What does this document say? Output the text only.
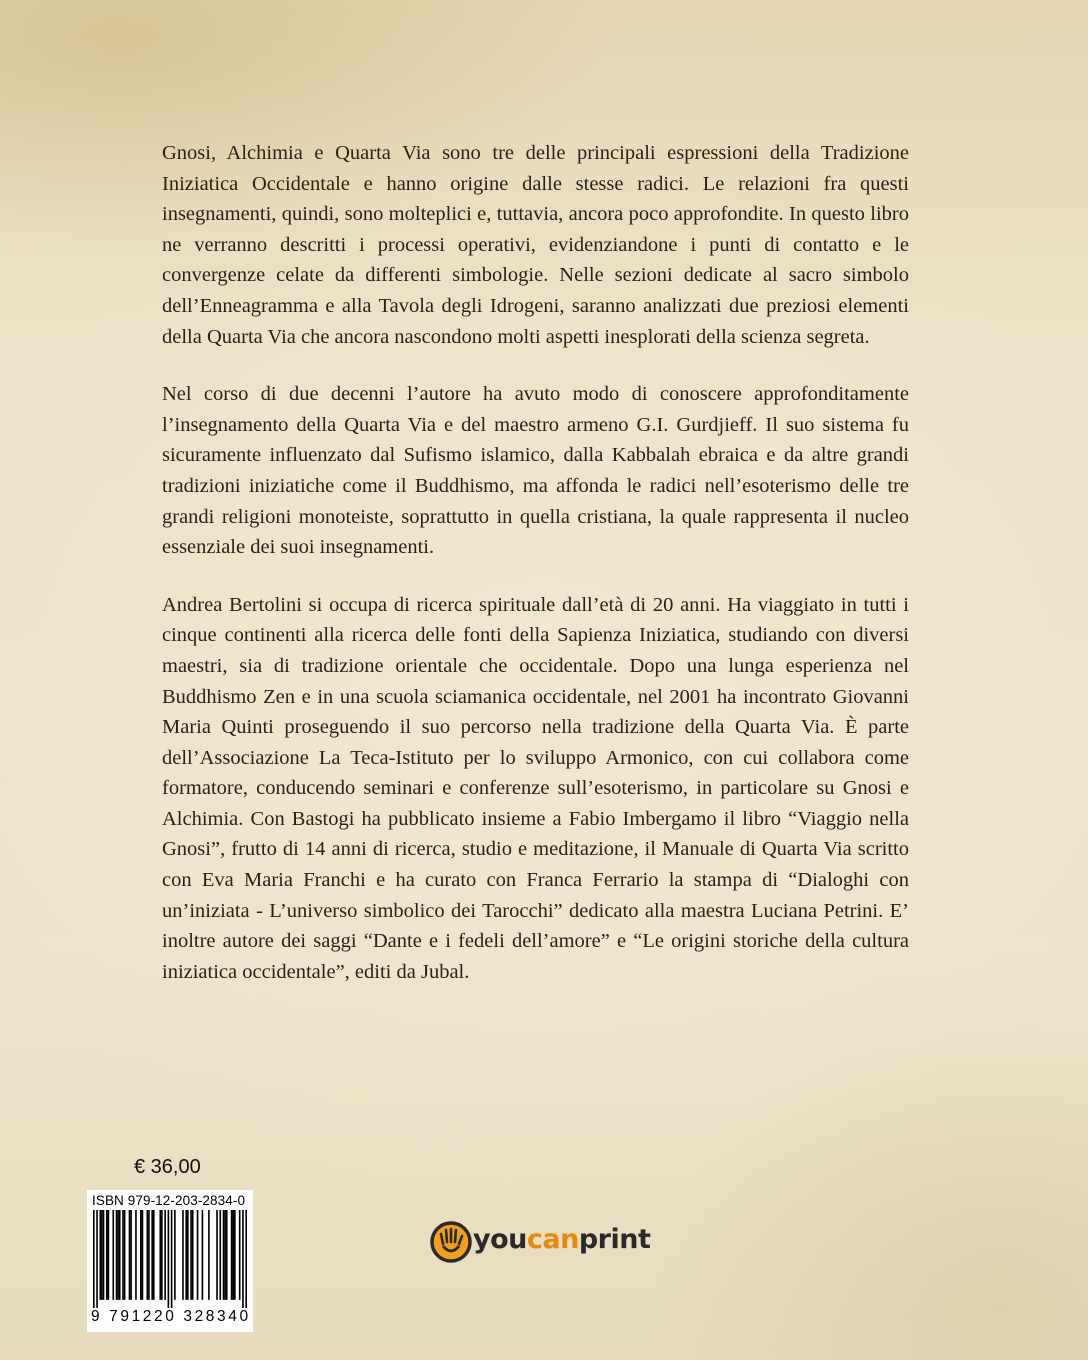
Gnosi, Alchimia e Quarta Via sono tre delle principali espressioni della Tradizione Iniziatica Occidentale e hanno origine dalle stesse radici. Le relazioni fra questi insegnamenti, quindi, sono molteplici e, tuttavia, ancora poco approfondite. In questo libro ne verranno descritti i processi operativi, evidenziandone i punti di contatto e le convergenze celate da differenti simbologie. Nelle sezioni dedicate al sacro simbolo dell’Enneagramma e alla Tavola degli Idrogeni, saranno analizzati due preziosi elementi della Quarta Via che ancora nascondono molti aspetti inesplorati della scienza segreta.

Nel corso di due decenni l’autore ha avuto modo di conoscere approfonditamente l’insegnamento della Quarta Via e del maestro armeno G.I. Gurdjieff. Il suo sistema fu sicuramente influenzato dal Sufismo islamico, dalla Kabbalah ebraica e da altre grandi tradizioni iniziatiche come il Buddhismo, ma affonda le radici nell’esoterismo delle tre grandi religioni monoteiste, soprattutto in quella cristiana, la quale rappresenta il nucleo essenziale dei suoi insegnamenti.

Andrea Bertolini si occupa di ricerca spirituale dall’età di 20 anni. Ha viaggiato in tutti i cinque continenti alla ricerca delle fonti della Sapienza Iniziatica, studiando con diversi maestri, sia di tradizione orientale che occidentale. Dopo una lunga esperienza nel Buddhismo Zen e in una scuola sciamanica occidentale, nel 2001 ha incontrato Giovanni Maria Quinti proseguendo il suo percorso nella tradizione della Quarta Via. È parte dell’Associazione La Teca-Istituto per lo sviluppo Armonico, con cui collabora come formatore, conducendo seminari e conferenze sull’esoterismo, in particolare su Gnosi e Alchimia. Con Bastogi ha pubblicato insieme a Fabio Imbergamo il libro “Viaggio nella Gnosi”, frutto di 14 anni di ricerca, studio e meditazione, il Manuale di Quarta Via scritto con Eva Maria Franchi e ha curato con Franca Ferrario la stampa di “Dialoghi con un’iniziata - L’universo simbolico dei Tarocchi” dedicato alla maestra Luciana Petrini. E’ inoltre autore dei saggi “Dante e i fedeli dell’amore” e “Le origini storiche della cultura iniziatica occidentale”, editi da Jubal.

€ 36,00
ISBN 979-12-203-2834-0
9 791220 328340
youcanprint
